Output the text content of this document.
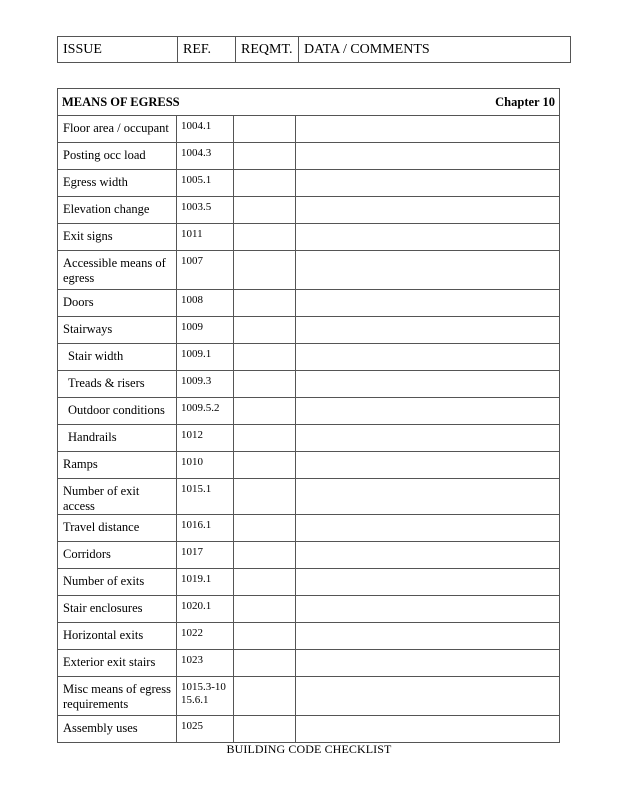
ISSUE	REF.	REQMT.	DATA / COMMENTS
MEANS OF EGRESS Chapter 10			

Floor area / occupant	1004.1		
Posting occ load	1004.3		
Egress width	1005.1		
Elevation change	1003.5		
Exit signs	1011		
Accessible means of egress	1007		
Doors	1008		
Stairways	1009		
Stair width	1009.1		
Treads & risers	1009.3		
Outdoor conditions	1009.5.2		
Handrails	1012		
Ramps	1010		
Number of exit access	1015.1		
Travel distance	1016.1		
Corridors	1017		
Number of exits	1019.1		
Stair enclosures	1020.1		
Horizontal exits	1022		
Exterior exit stairs	1023		
Misc means of egress requirements	1015.3-10
15.6.1		
Assembly uses	1025		
BUILDING CODE CHECKLIST
